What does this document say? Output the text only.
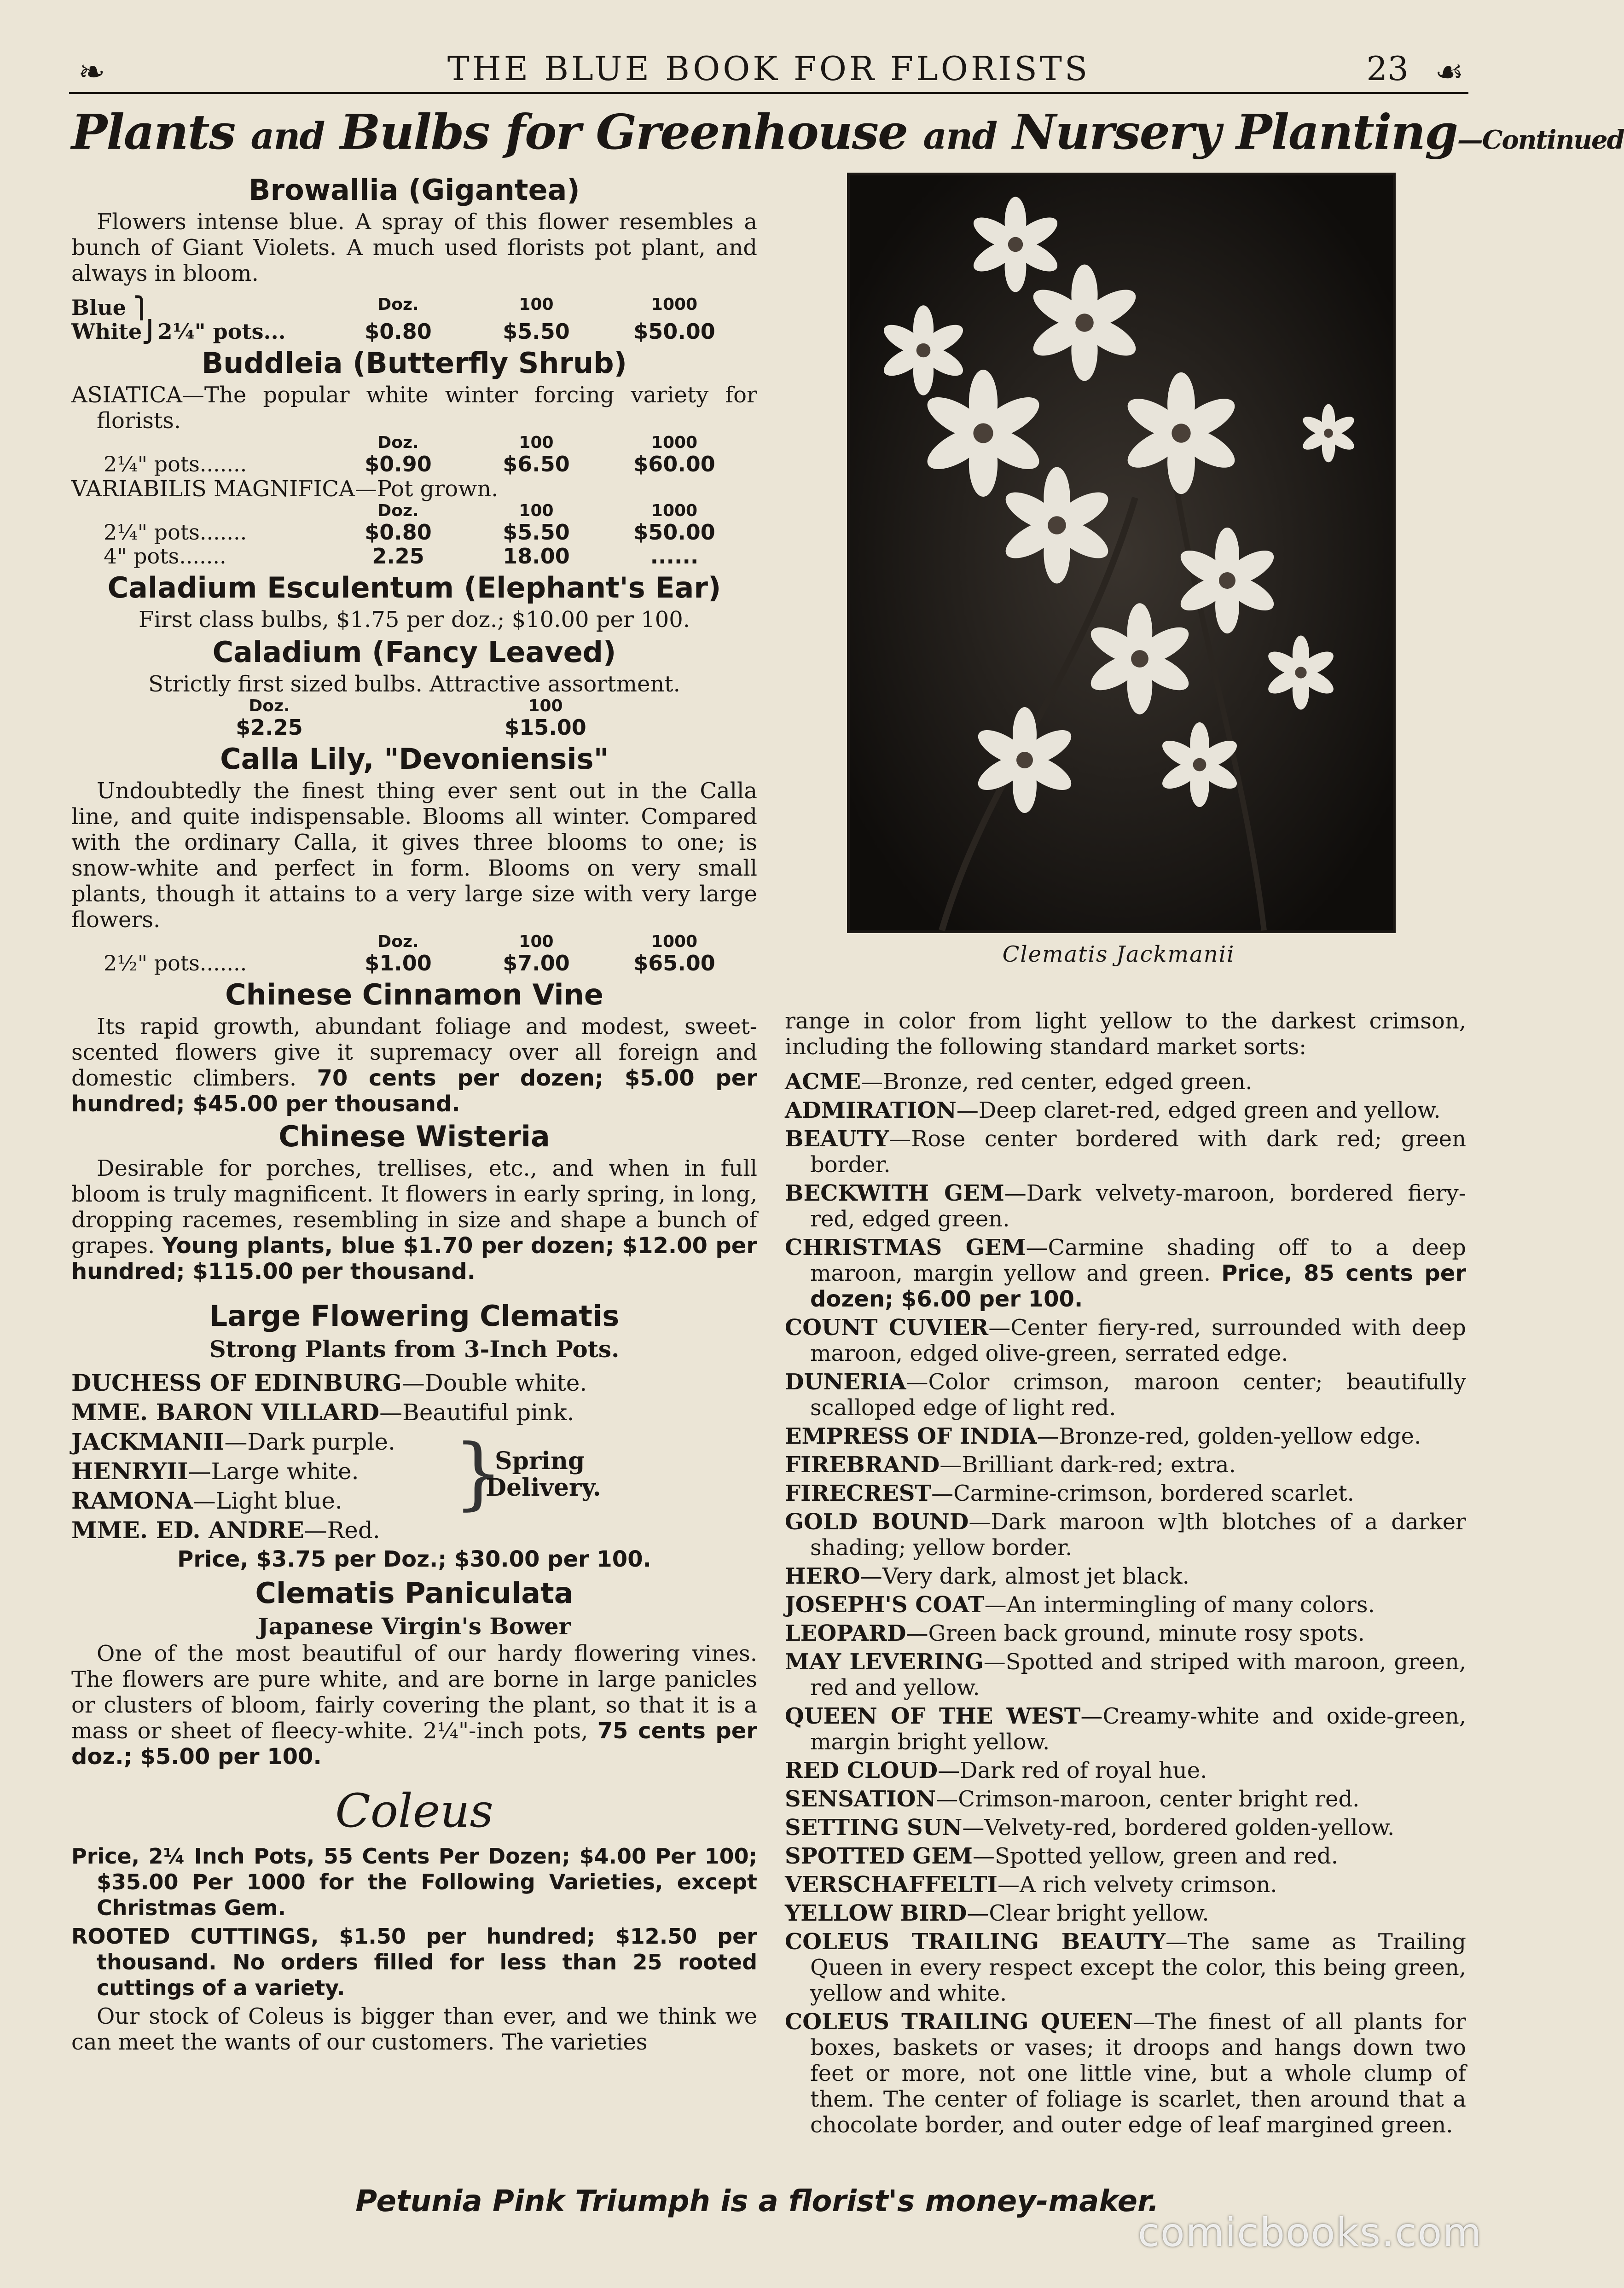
❧	THE BLUE BOOK FOR FLORISTS	23 ☙
Plants and Bulbs for Greenhouse and Nursery Planting—Continued
Browallia (Gigantea)

Flowers intense blue. A spray of this flower resembles a bunch of Giant Violets. A much used florists pot plant, and always in bloom.

Blue ⎫	Doz.	100	1000
White⎭2¼" pots...	$0.80	$5.50	$50.00
Buddleia (Butterfly Shrub)

ASIATICA—The popular white winter forcing variety for florists.

Doz.	100	1000
2¼" pots.......	$0.90	$6.50	$60.00

VARIABILIS MAGNIFICA—Pot grown.

Doz.	100	1000
2¼" pots.......	$0.80	$5.50	$50.00
4" pots.......	2.25	18.00	......
Caladium Esculentum (Elephant's Ear)

First class bulbs, $1.75 per doz.; $10.00 per 100.

Caladium (Fancy Leaved)

Strictly first sized bulbs. Attractive assortment.

Doz.	100
$2.25	$15.00
Calla Lily, "Devoniensis"

Undoubtedly the finest thing ever sent out in the Calla line, and quite indispensable. Blooms all winter. Compared with the ordinary Calla, it gives three blooms to one; is snow-white and perfect in form. Blooms on very small plants, though it attains to a very large size with very large flowers.

Doz.	100	1000
2½" pots.......	$1.00	$7.00	$65.00
Chinese Cinnamon Vine

Its rapid growth, abundant foliage and modest, sweet-scented flowers give it supremacy over all foreign and domestic climbers. 70 cents per dozen; $5.00 per hundred; $45.00 per thousand.

Chinese Wisteria

Desirable for porches, trellises, etc., and when in full bloom is truly magnificent. It flowers in early spring, in long, dropping racemes, resembling in size and shape a bunch of grapes. Young plants, blue $1.70 per dozen; $12.00 per hundred; $115.00 per thousand.

Large Flowering Clematis
Strong Plants from 3-Inch Pots.
DUCHESS OF EDINBURG—Double white.
MME. BARON VILLARD—Beautiful pink.
JACKMANII—Dark purple.
HENRYII—Large white.
RAMONA—Light blue.
MME. ED. ANDRE—Red.
}
Spring
Delivery.
Price, $3.75 per Doz.; $30.00 per 100.
Clematis Paniculata
Japanese Virgin's Bower

One of the most beautiful of our hardy flowering vines. The flowers are pure white, and are borne in large panicles or clusters of bloom, fairly covering the plant, so that it is a mass or sheet of fleecy-white. 2¼"-inch pots, 75 cents per doz.; $5.00 per 100.

Coleus

Price, 2¼ Inch Pots, 55 Cents Per Dozen; $4.00 Per 100; $35.00 Per 1000 for the Following Varieties, except Christmas Gem.

ROOTED CUTTINGS, $1.50 per hundred; $12.50 per thousand. No orders filled for less than 25 rooted cuttings of a variety.

Our stock of Coleus is bigger than ever, and we think we can meet the wants of our customers. The varieties

Clematis Jackmanii

range in color from light yellow to the darkest crimson, including the following standard market sorts:

ACME—Bronze, red center, edged green.

ADMIRATION—Deep claret-red, edged green and yellow.

BEAUTY—Rose center bordered with dark red; green border.

BECKWITH GEM—Dark velvety-maroon, bordered fiery-red, edged green.

CHRISTMAS GEM—Carmine shading off to a deep maroon, margin yellow and green. Price, 85 cents per dozen; $6.00 per 100.

COUNT CUVIER—Center fiery-red, surrounded with deep maroon, edged olive-green, serrated edge.

DUNERIA—Color crimson, maroon center; beautifully scalloped edge of light red.

EMPRESS OF INDIA—Bronze-red, golden-yellow edge.

FIREBRAND—Brilliant dark-red; extra.

FIRECREST—Carmine-crimson, bordered scarlet.

GOLD BOUND—Dark maroon w]th blotches of a darker shading; yellow border.

HERO—Very dark, almost jet black.

JOSEPH'S COAT—An intermingling of many colors.

LEOPARD—Green back ground, minute rosy spots.

MAY LEVERING—Spotted and striped with maroon, green, red and yellow.

QUEEN OF THE WEST—Creamy-white and oxide-green, margin bright yellow.

RED CLOUD—Dark red of royal hue.

SENSATION—Crimson-maroon, center bright red.

SETTING SUN—Velvety-red, bordered golden-yellow.

SPOTTED GEM—Spotted yellow, green and red.

VERSCHAFFELTI—A rich velvety crimson.

YELLOW BIRD—Clear bright yellow.

COLEUS TRAILING BEAUTY—The same as Trailing Queen in every respect except the color, this being green, yellow and white.

COLEUS TRAILING QUEEN—The finest of all plants for boxes, baskets or vases; it droops and hangs down two feet or more, not one little vine, but a whole clump of them. The center of foliage is scarlet, then around that a chocolate border, and outer edge of leaf margined green.

Petunia Pink Triumph is a florist's money-maker.
comicbooks.com
